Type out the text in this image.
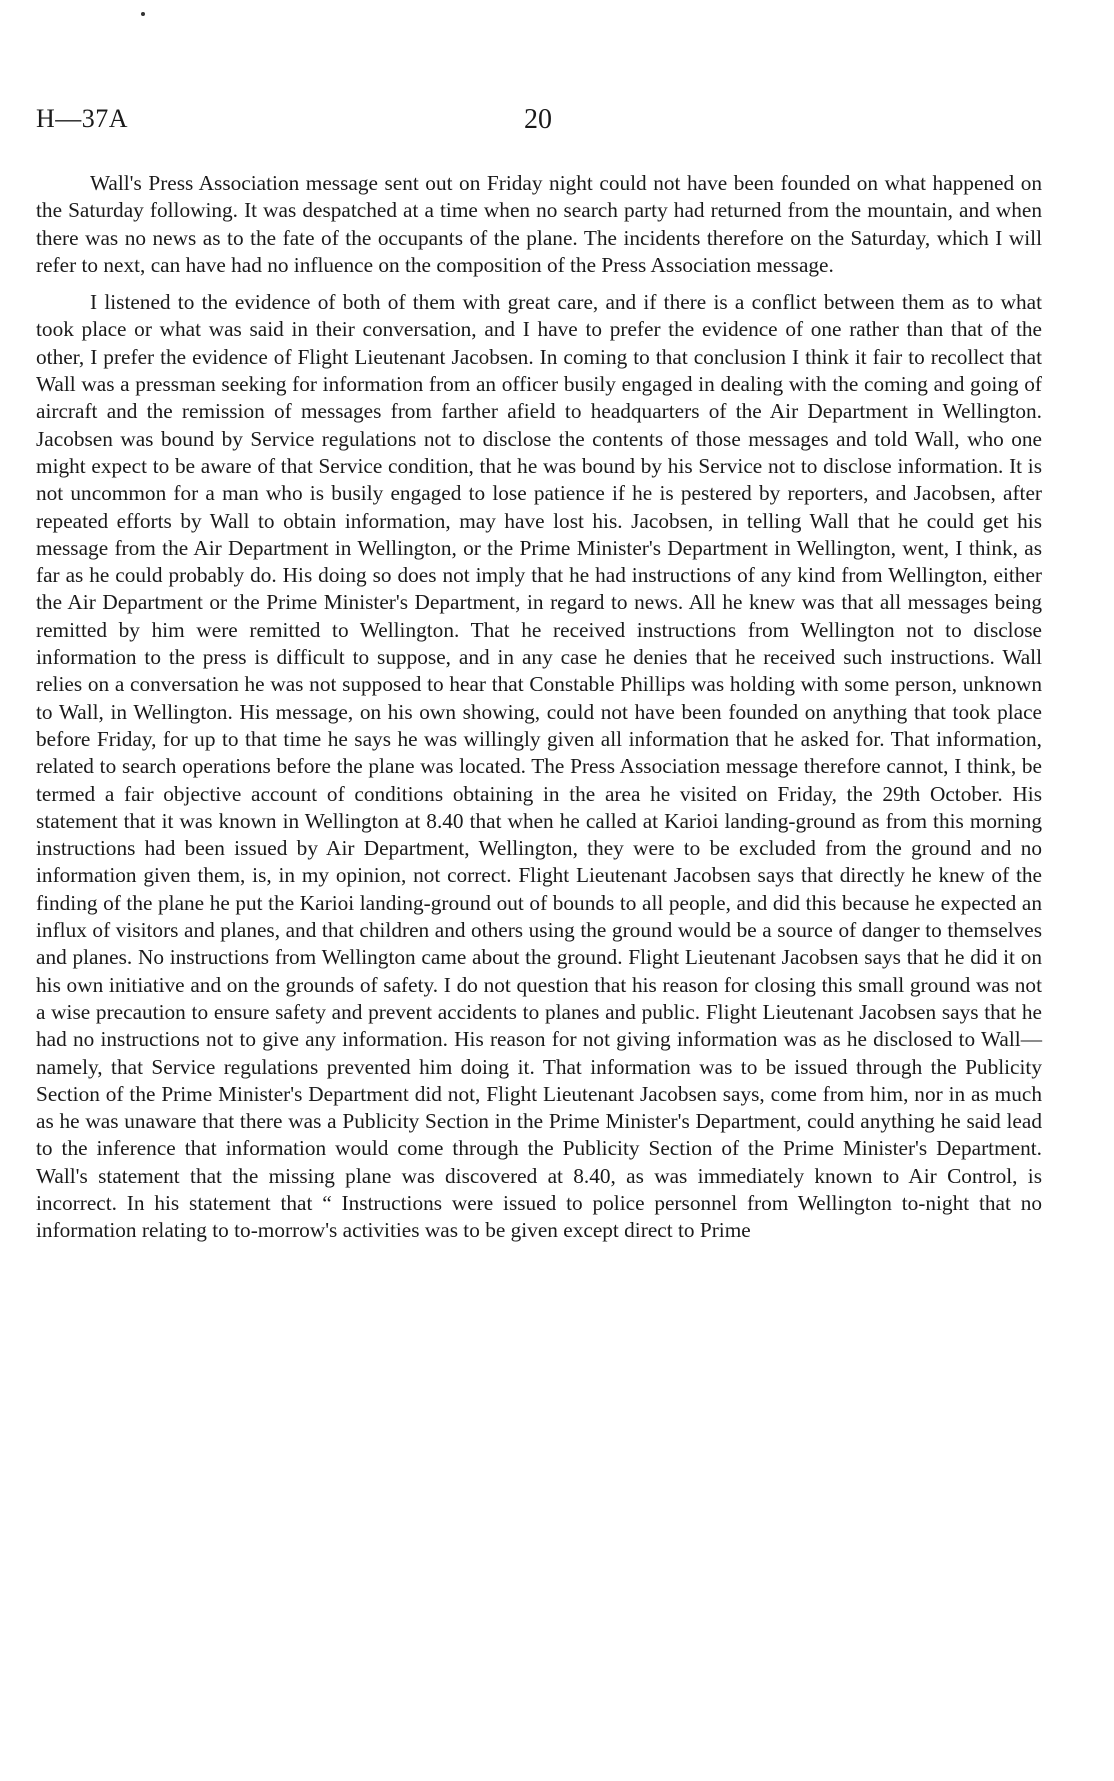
H—37A	20

Wall's Press Association message sent out on Friday night could not have been founded on what happened on the Saturday following. It was despatched at a time when no search party had returned from the mountain, and when there was no news as to the fate of the occupants of the plane. The incidents therefore on the Saturday, which I will refer to next, can have had no influence on the composition of the Press Association message.

I listened to the evidence of both of them with great care, and if there is a conflict between them as to what took place or what was said in their conversation, and I have to prefer the evidence of one rather than that of the other, I prefer the evidence of Flight Lieutenant Jacobsen. In coming to that conclusion I think it fair to recollect that Wall was a pressman seeking for information from an officer busily engaged in dealing with the coming and going of aircraft and the remission of messages from farther afield to headquarters of the Air Department in Wellington. Jacobsen was bound by Service regulations not to disclose the contents of those messages and told Wall, who one might expect to be aware of that Service condition, that he was bound by his Service not to disclose information. It is not uncommon for a man who is busily engaged to lose patience if he is pestered by reporters, and Jacobsen, after repeated efforts by Wall to obtain information, may have lost his. Jacobsen, in telling Wall that he could get his message from the Air Department in Wellington, or the Prime Minister's Department in Wellington, went, I think, as far as he could probably do. His doing so does not imply that he had instructions of any kind from Wellington, either the Air Department or the Prime Minister's Department, in regard to news. All he knew was that all messages being remitted by him were remitted to Wellington. That he received instructions from Wellington not to disclose information to the press is difficult to suppose, and in any case he denies that he received such instructions. Wall relies on a conversation he was not supposed to hear that Constable Phillips was holding with some person, unknown to Wall, in Wellington. His message, on his own showing, could not have been founded on anything that took place before Friday, for up to that time he says he was willingly given all information that he asked for. That information, related to search operations before the plane was located. The Press Association message therefore cannot, I think, be termed a fair objective account of conditions obtaining in the area he visited on Friday, the 29th October. His statement that it was known in Wellington at 8.40 that when he called at Karioi landing-ground as from this morning instructions had been issued by Air Department, Wellington, they were to be excluded from the ground and no information given them, is, in my opinion, not correct. Flight Lieutenant Jacobsen says that directly he knew of the finding of the plane he put the Karioi landing-ground out of bounds to all people, and did this because he expected an influx of visitors and planes, and that children and others using the ground would be a source of danger to themselves and planes. No instructions from Wellington came about the ground. Flight Lieutenant Jacobsen says that he did it on his own initiative and on the grounds of safety. I do not question that his reason for closing this small ground was not a wise precaution to ensure safety and prevent accidents to planes and public. Flight Lieutenant Jacobsen says that he had no instructions not to give any information. His reason for not giving information was as he disclosed to Wall—namely, that Service regulations prevented him doing it. That information was to be issued through the Publicity Section of the Prime Minister's Department did not, Flight Lieutenant Jacobsen says, come from him, nor in as much as he was unaware that there was a Publicity Section in the Prime Minister's Department, could anything he said lead to the inference that information would come through the Publicity Section of the Prime Minister's Department. Wall's statement that the missing plane was discovered at 8.40, as was immediately known to Air Control, is incorrect. In his statement that “ Instructions were issued to police personnel from Wellington to-night that no information relating to to-morrow's activities was to be given except direct to Prime
